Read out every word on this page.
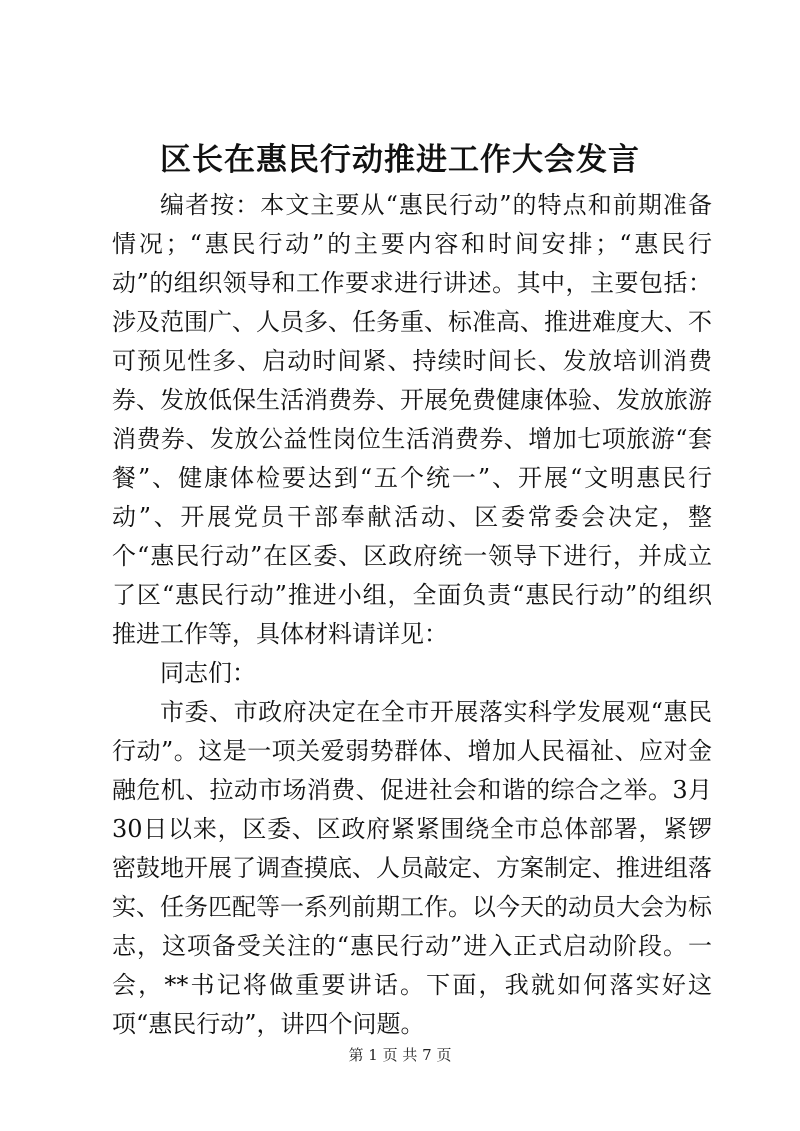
区长在惠民行动推进工作大会发言

编者按：本文主要从“惠民行动”的特点和前期准备情况；“惠民行动”的主要内容和时间安排；“惠民行动”的组织领导和工作要求进行讲述。其中，主要包括：涉及范围广、人员多、任务重、标准高、推进难度大、不可预见性多、启动时间紧、持续时间长、发放培训消费券、发放低保生活消费券、开展免费健康体验、发放旅游消费券、发放公益性岗位生活消费券、增加七项旅游“套餐”、健康体检要达到“五个统一”、开展“文明惠民行动”、开展党员干部奉献活动、区委常委会决定，整个“惠民行动”在区委、区政府统一领导下进行，并成立了区“惠民行动”推进小组，全面负责“惠民行动”的组织推进工作等，具体材料请详见：

同志们：

市委、市政府决定在全市开展落实科学发展观“惠民行动”。这是一项关爱弱势群体、增加人民福祉、应对金融危机、拉动市场消费、促进社会和谐的综合之举。3月30日以来，区委、区政府紧紧围绕全市总体部署，紧锣密鼓地开展了调查摸底、人员敲定、方案制定、推进组落实、任务匹配等一系列前期工作。以今天的动员大会为标志，这项备受关注的“惠民行动”进入正式启动阶段。一会，**书记将做重要讲话。下面，我就如何落实好这项“惠民行动”，讲四个问题。

第 1 页 共 7 页
